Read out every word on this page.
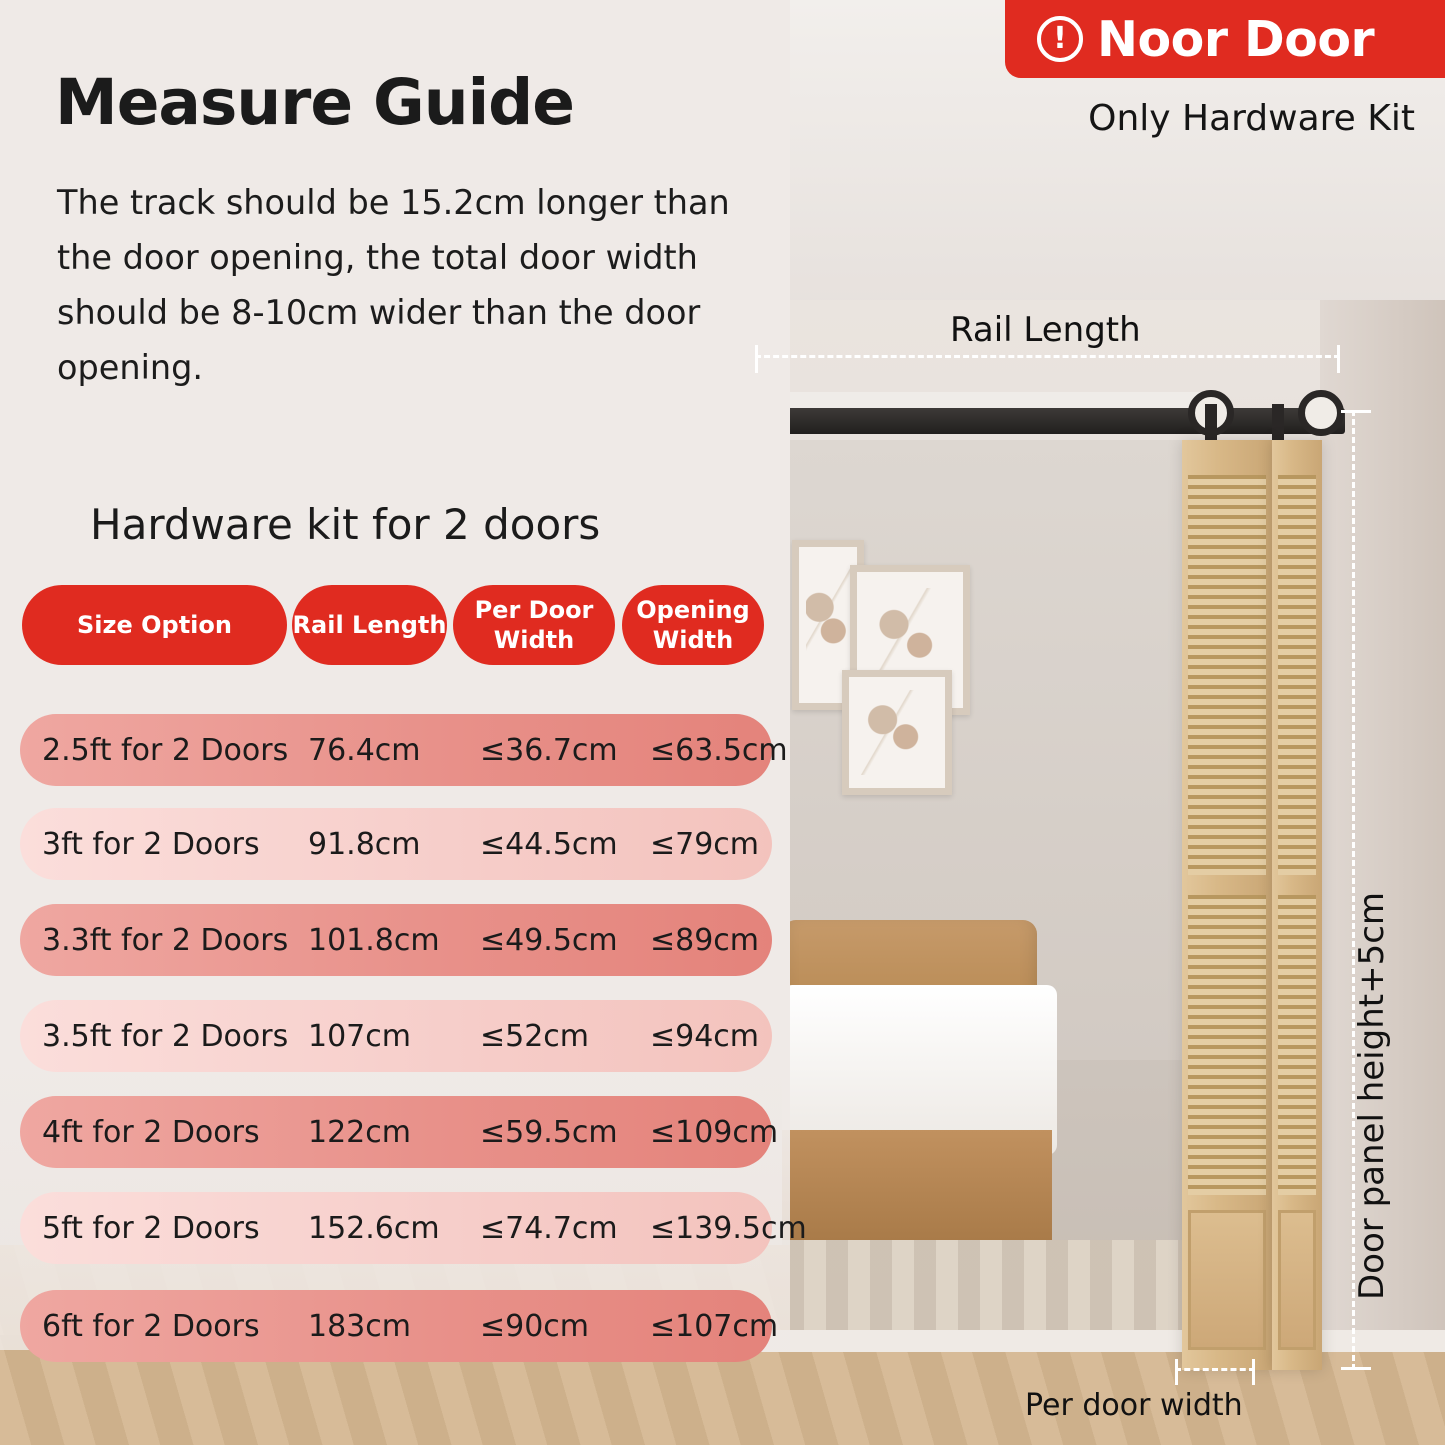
Measure Guide
The track should be 15.2cm longer than the door opening, the total door width should be 8-10cm wider than the door opening.
Hardware kit for 2 doors
Size Option	Rail Length
Per Door Width
Opening Width
2.5ft for 2 Doors 76.4cm ≤36.7cm ≤63.5cm
3ft for 2 Doors 91.8cm ≤44.5cm ≤79cm
3.3ft for 2 Doors 101.8cm ≤49.5cm ≤89cm
3.5ft for 2 Doors 107cm ≤52cm ≤94cm
4ft for 2 Doors 122cm ≤59.5cm ≤109cm
5ft for 2 Doors 152.6cm ≤74.7cm ≤139.5cm
6ft for 2 Doors 183cm ≤90cm ≤107cm
! Noor Door
Only Hardware Kit
Rail Length
Door panel height+5cm
Per door width
